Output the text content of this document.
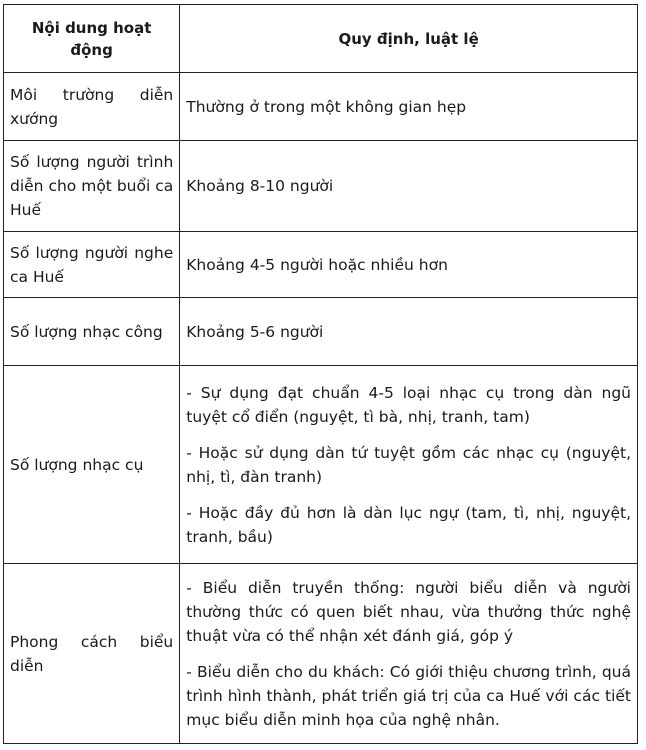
Nội dung hoạt động	Quy định, luật lệ
Môi trường diễn xướng	Thường ở trong một không gian hẹp
Số lượng người trình diễn cho một buổi ca Huế	Khoảng 8-10 người
Số lượng người nghe ca Huế	Khoảng 4-5 người hoặc nhiều hơn
Số lượng nhạc công	Khoảng 5-6 người
Số lượng nhạc cụ	- Sự dụng đạt chuẩn 4-5 loại nhạc cụ trong dàn ngũ tuyệt cổ điển (nguyệt, tì bà, nhị, tranh, tam)

- Hoặc sử dụng dàn tứ tuyệt gồm các nhạc cụ (nguyệt, nhị, tì, đàn tranh)

- Hoặc đầy đủ hơn là dàn lục ngự (tam, tì, nhị, nguyệt, tranh, bầu)

Phong cách biểu diễn	- Biểu diễn truyền thống: người biểu diễn và người thường thức có quen biết nhau, vừa thưởng thức nghệ thuật vừa có thể nhận xét đánh giá, góp ý

- Biểu diễn cho du khách: Có giới thiệu chương trình, quá trình hình thành, phát triển giá trị của ca Huế với các tiết mục biểu diễn minh họa của nghệ nhân.
